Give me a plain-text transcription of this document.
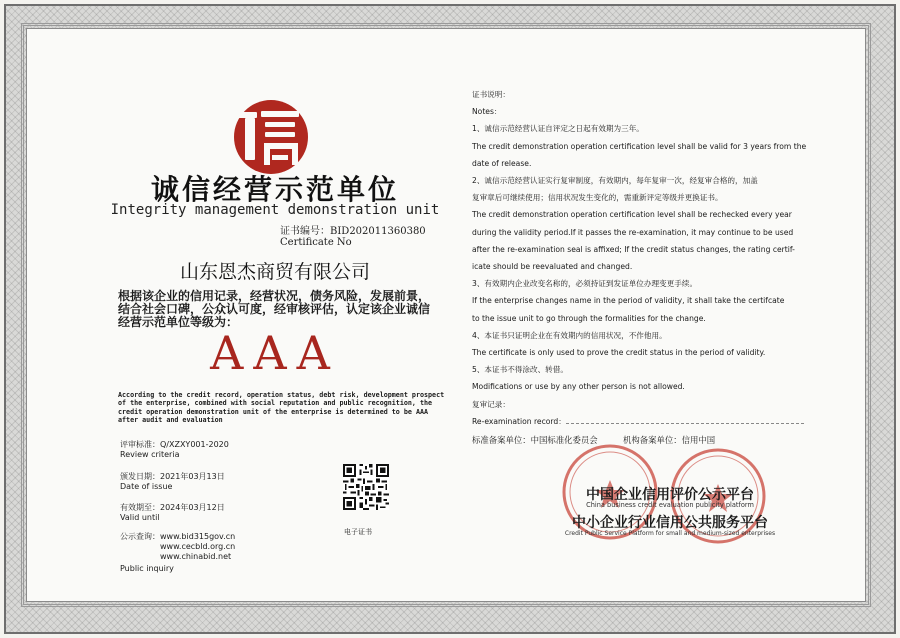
诚信经营示范单位
Integrity management demonstration unit
证书编号：BID202011360380
Certificate No
山东恩杰商贸有限公司
根据该企业的信用记录，经营状况，债务风险，发展前景，结合社会口碑，公众认可度，经审核评估，认定该企业诚信经营示范单位等级为：
AAA
According to the credit record, operation status, debt risk, development prospect of the enterprise, combined with social reputation and public recognition, the credit operation demonstration unit of the enterprise is determined to be AAA after audit and evaluation
评审标准：Q/XZXY001-2020
Review criteria
颁发日期：2021年03月13日
Date of issue
有效期至：2024年03月12日
Valid until
公示查询：www.bid315gov.cn
www.cecbld.org.cn
www.chinabid.net
Public inquiry
电子证书
证书说明：
Notes：
1、诚信示范经营认证自评定之日起有效期为三年。
The credit demonstration operation certification level shall be valid for 3 years from the
date of release.
2、诚信示范经营认证实行复审制度，有效期内，每年复审一次，经复审合格的，加盖
复审章后可继续使用；信用状况发生变化的，需重新评定等级并更换证书。
The credit demonstration operation certification level shall be rechecked every year
during the validity period.If it passes the re-examination, it may continue to be used
after the re-examination seal is affixed; If the credit status changes, the rating certif-
icate should be reevaluated and changed.
3、有效期内企业改变名称的，必须持证到发证单位办理变更手续。
If the enterprise changes name in the period of validity, it shall take the certifcate
to the issue unit to go through the formalities for the change.
4、本证书只证明企业在有效期内的信用状况，不作他用。
The certificate is only used to prove the credit status in the period of validity.
5、本证书不得涂改、转借。
Modifications or use by any other person is not allowed.
复审记录：
Re-examination record：
标准备案单位：中国标准化委员会	机构备案单位：信用中国
中国企业信用评价公示平台
China business credit evaluation publicity platform
中小企业行业信用公共服务平台
Credit Public Service Platform for small and medium-sized enterprises
